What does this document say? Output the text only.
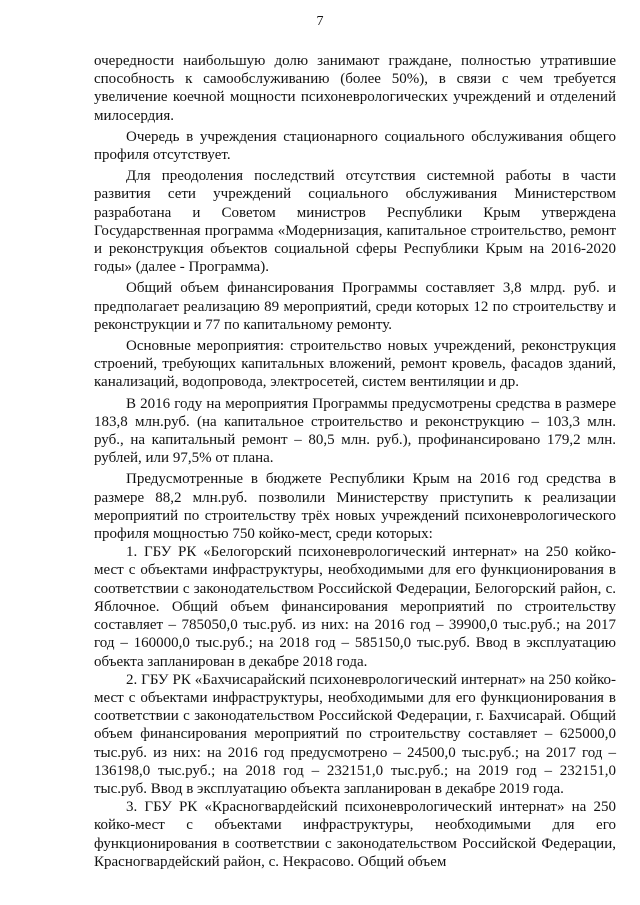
7

очередности наибольшую долю занимают граждане, полностью утратившие способность к самообслуживанию (более 50%), в связи с чем требуется увеличение коечной мощности психоневрологических учреждений и отделений милосердия.

Очередь в учреждения стационарного социального обслуживания общего профиля отсутствует.

Для преодоления последствий отсутствия системной работы в части развития сети учреждений социального обслуживания Министерством разработана и Советом министров Республики Крым утверждена Государственная программа «Модернизация, капитальное строительство, ремонт и реконструкция объектов социальной сферы Республики Крым на 2016-2020 годы» (далее - Программа).

Общий объем финансирования Программы составляет 3,8 млрд. руб. и предполагает реализацию 89 мероприятий, среди которых 12 по строительству и реконструкции и 77 по капитальному ремонту.

Основные мероприятия: строительство новых учреждений, реконструкция строений, требующих капитальных вложений, ремонт кровель, фасадов зданий, канализаций, водопровода, электросетей, систем вентиляции и др.

В 2016 году на мероприятия Программы предусмотрены средства в размере 183,8 млн.руб. (на капитальное строительство и реконструкцию – 103,3 млн. руб., на капитальный ремонт – 80,5 млн. руб.), профинансировано 179,2 млн. рублей, или 97,5% от плана.

Предусмотренные в бюджете Республики Крым на 2016 год средства в размере 88,2 млн.руб. позволили Министерству приступить к реализации мероприятий по строительству трёх новых учреждений психоневрологического профиля мощностью 750 койко-мест, среди которых:

1. ГБУ РК «Белогорский психоневрологический интернат» на 250 койко-мест с объектами инфраструктуры, необходимыми для его функционирования в соответствии с законодательством Российской Федерации, Белогорский район, с. Яблочное. Общий объем финансирования мероприятий по строительству составляет – 785050,0 тыс.руб. из них: на 2016 год – 39900,0 тыс.руб.; на 2017 год – 160000,0 тыс.руб.; на 2018 год – 585150,0 тыс.руб. Ввод в эксплуатацию объекта запланирован в декабре 2018 года.

2. ГБУ РК «Бахчисарайский психоневрологический интернат» на 250 койко-мест с объектами инфраструктуры, необходимыми для его функционирования в соответствии с законодательством Российской Федерации, г. Бахчисарай. Общий объем финансирования мероприятий по строительству составляет – 625000,0 тыс.руб. из них: на 2016 год предусмотрено – 24500,0 тыс.руб.; на 2017 год – 136198,0 тыс.руб.; на 2018 год – 232151,0 тыс.руб.; на 2019 год – 232151,0 тыс.руб. Ввод в эксплуатацию объекта запланирован в декабре 2019 года.

3. ГБУ РК «Красногвардейский психоневрологический интернат» на 250 койко-мест с объектами инфраструктуры, необходимыми для его функционирования в соответствии с законодательством Российской Федерации, Красногвардейский район, с. Некрасово. Общий объем
